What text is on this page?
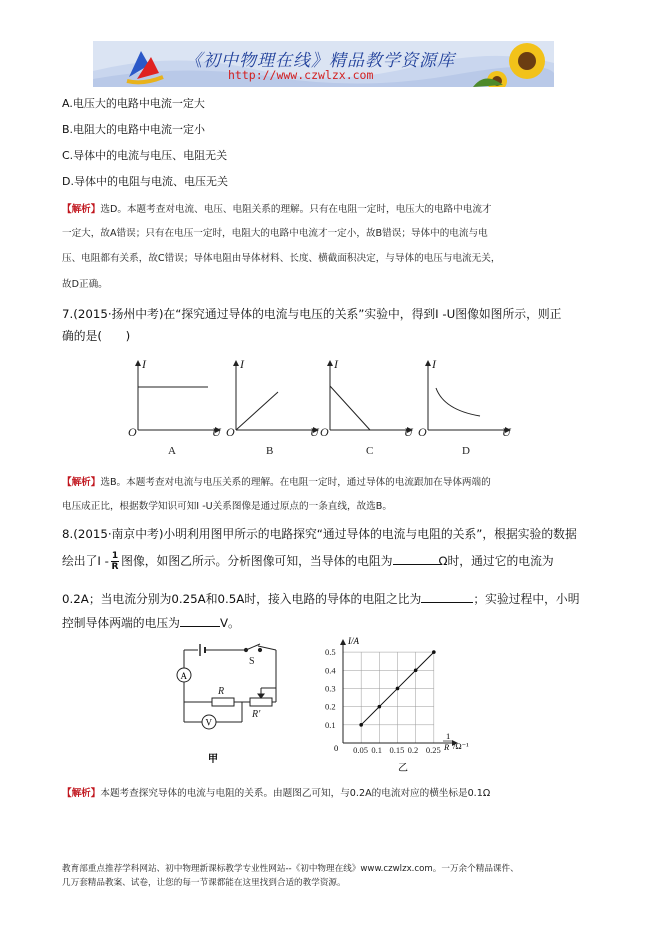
《初中物理在线》精品教学资源库
http://www.czwlzx.com
A.电压大的电路中电流一定大
B.电阻大的电路中电流一定小
C.导体中的电流与电压、电阻无关
D.导体中的电阻与电流、电压无关
【解析】选D。本题考查对电流、电压、电阻关系的理解。只有在电阻一定时，电压大的电路中电流才
一定大，故A错误；只有在电压一定时，电阻大的电路中电流才一定小，故B错误；导体中的电流与电
压、电阻都有关系，故C错误；导体电阻由导体材料、长度、横截面积决定，与导体的电压与电流无关，
故D正确。
7.(2015·扬州中考)在“探究通过导体的电流与电压的关系”实验中，得到I -U图像如图所示，则正
确的是(　　)
I
O	U
A
I
O	U
B
I
O	U
C
I
O	U
D
【解析】选B。本题考查对电流与电压关系的理解。在电阻一定时，通过导体的电流跟加在导体两端的
电压成正比，根据数学知识可知I -U关系图像是通过原点的一条直线，故选B。
8.(2015·南京中考)小明利用图甲所示的电路探究“通过导体的电流与电阻的关系”，根据实验的数据
绘出了I - $\frac{1}{R}$ 图像，如图乙所示。分析图像可知，当导体的电阻为	Ω时，通过它的电流为
0.2A；当电流分别为0.25A和0.5A时，接入电路的导体的电阻之比为	；实验过程中，小明
控制导体两端的电压为	V。
A
V
S
R
R'
甲
0.1
0.2
0.3
0.4
0.5
0.05 0.1 0.15 0.2 0.25
I/A
0
1
R /Ω⁻¹
乙
【解析】本题考查探究导体的电流与电阻的关系。由题图乙可知，与0.2A的电流对应的横坐标是0.1Ω
教育部重点推荐学科网站、初中物理新课标教学专业性网站--《初中物理在线》www.czwlzx.com。一万余个精品课件、
几万套精品教案、试卷，让您的每一节课都能在这里找到合适的教学资源。
